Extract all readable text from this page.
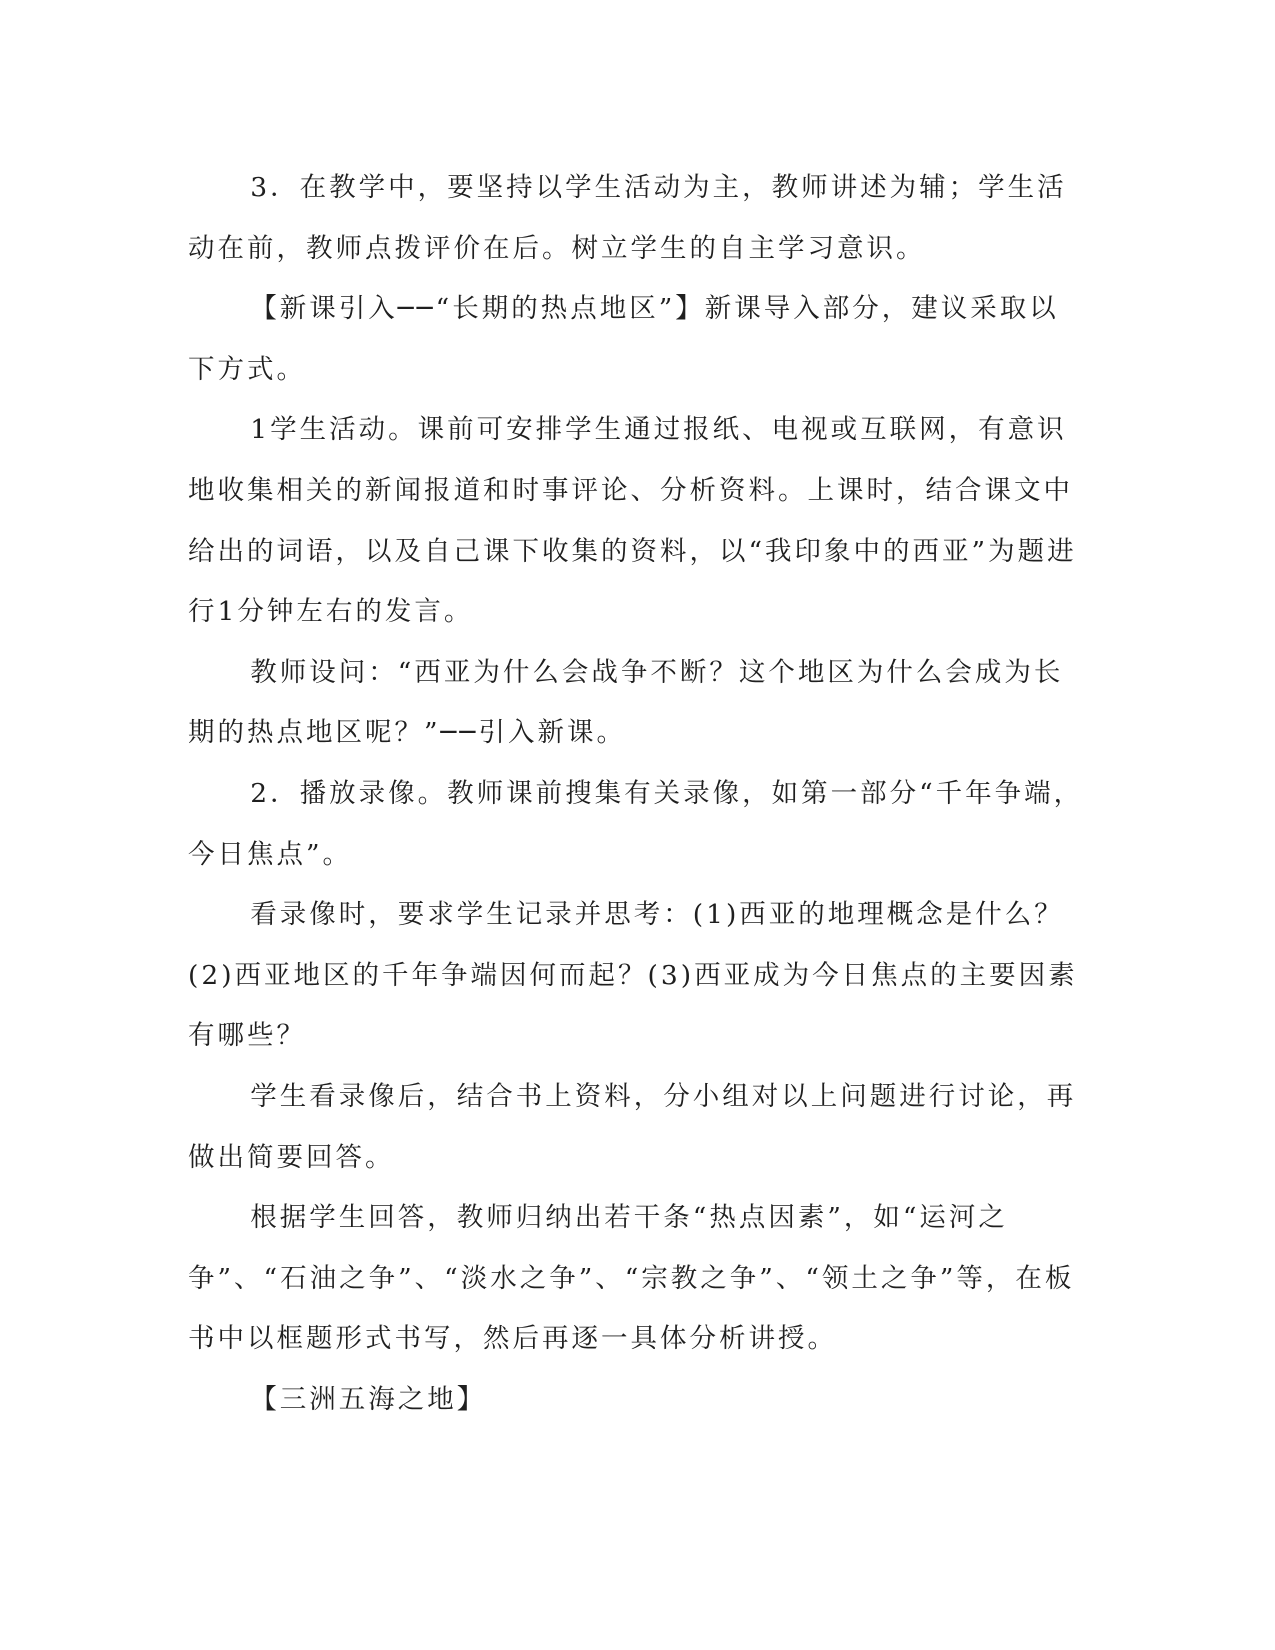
3．在教学中，要坚持以学生活动为主，教师讲述为辅；学生活动在前，教师点拨评价在后。树立学生的自主学习意识。

【新课引入──“长期的热点地区”】新课导入部分，建议采取以下方式。

1学生活动。课前可安排学生通过报纸、电视或互联网，有意识地收集相关的新闻报道和时事评论、分析资料。上课时，结合课文中给出的词语，以及自己课下收集的资料，以“我印象中的西亚”为题进行1分钟左右的发言。

教师设问：“西亚为什么会战争不断？这个地区为什么会成为长期的热点地区呢？”──引入新课。

2．播放录像。教师课前搜集有关录像，如第一部分“千年争端，今日焦点”。

看录像时，要求学生记录并思考：(1)西亚的地理概念是什么？(2)西亚地区的千年争端因何而起？(3)西亚成为今日焦点的主要因素有哪些？

学生看录像后，结合书上资料，分小组对以上问题进行讨论，再做出简要回答。

根据学生回答，教师归纳出若干条“热点因素”，如“运河之争”、“石油之争”、“淡水之争”、“宗教之争”、“领土之争”等，在板书中以框题形式书写，然后再逐一具体分析讲授。

【三洲五海之地】
